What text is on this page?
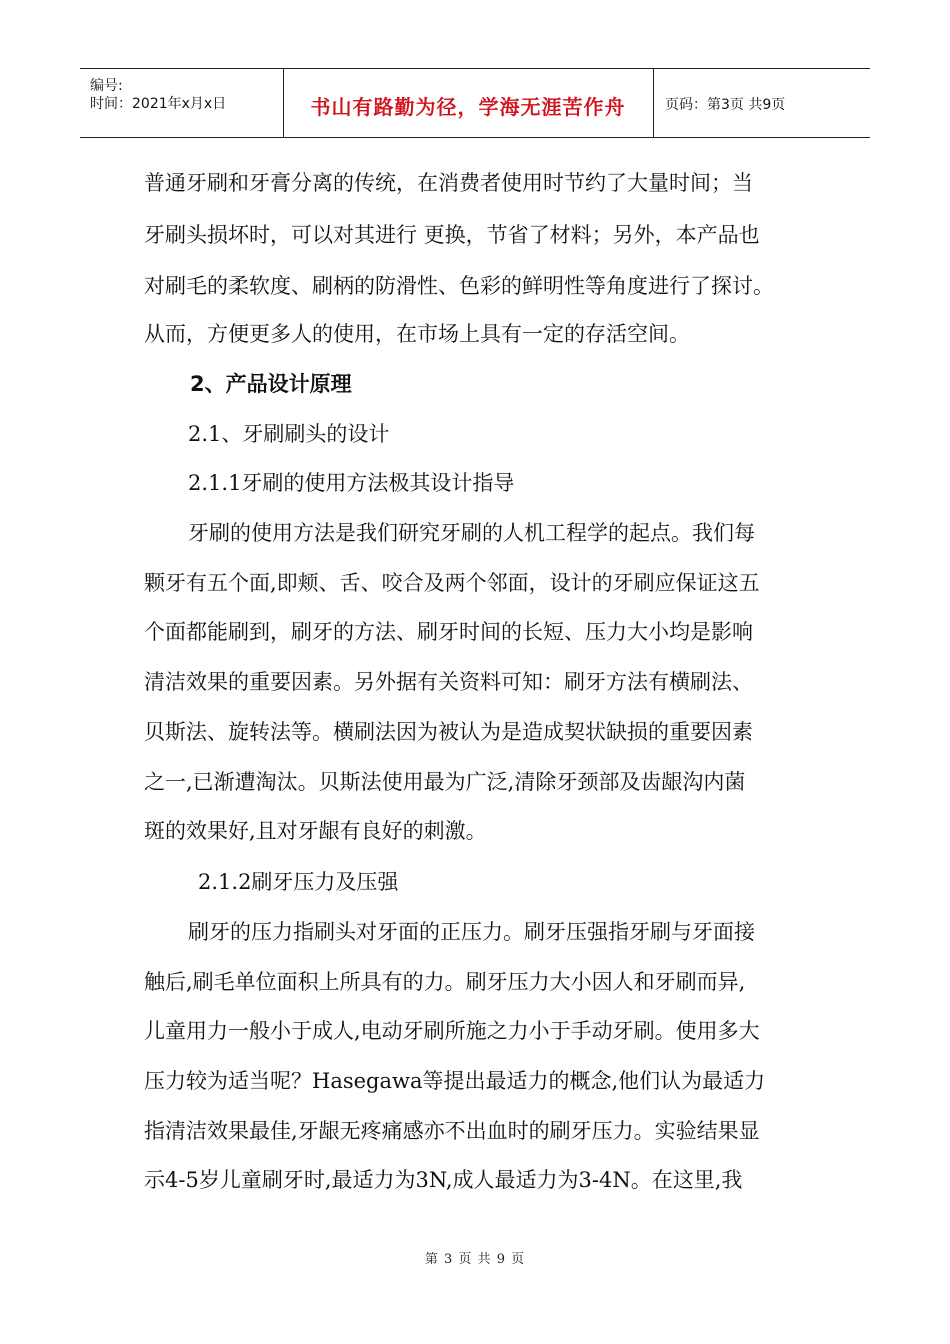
编号:
时间：2021年x月x日	书山有路勤为径，学海无涯苦作舟	页码：第3页 共9页
普通牙刷和牙膏分离的传统，在消费者使用时节约了大量时间；当
牙刷头损坏时，可以对其进行 更换，节省了材料；另外，本产品也
对刷毛的柔软度、刷柄的防滑性、色彩的鲜明性等角度进行了探讨。
从而，方便更多人的使用，在市场上具有一定的存活空间。
2、产品设计原理
2.1、牙刷刷头的设计
2.1.1牙刷的使用方法极其设计指导
牙刷的使用方法是我们研究牙刷的人机工程学的起点。我们每
颗牙有五个面,即颊、舌、咬合及两个邻面，设计的牙刷应保证这五
个面都能刷到，刷牙的方法、刷牙时间的长短、压力大小均是影响
清洁效果的重要因素。另外据有关资料可知：刷牙方法有横刷法、
贝斯法、旋转法等。横刷法因为被认为是造成契状缺损的重要因素
之一,已渐遭淘汰。贝斯法使用最为广泛,清除牙颈部及齿龈沟内菌
斑的效果好,且对牙龈有良好的刺激。
2.1.2刷牙压力及压强
刷牙的压力指刷头对牙面的正压力。刷牙压强指牙刷与牙面接
触后,刷毛单位面积上所具有的力。刷牙压力大小因人和牙刷而异,
儿童用力一般小于成人,电动牙刷所施之力小于手动牙刷。使用多大
压力较为适当呢？Hasegawa等提出最适力的概念,他们认为最适力
指清洁效果最佳,牙龈无疼痛感亦不出血时的刷牙压力。实验结果显
示4-5岁儿童刷牙时,最适力为3N,成人最适力为3-4N。在这里,我
第 3 页 共 9 页
